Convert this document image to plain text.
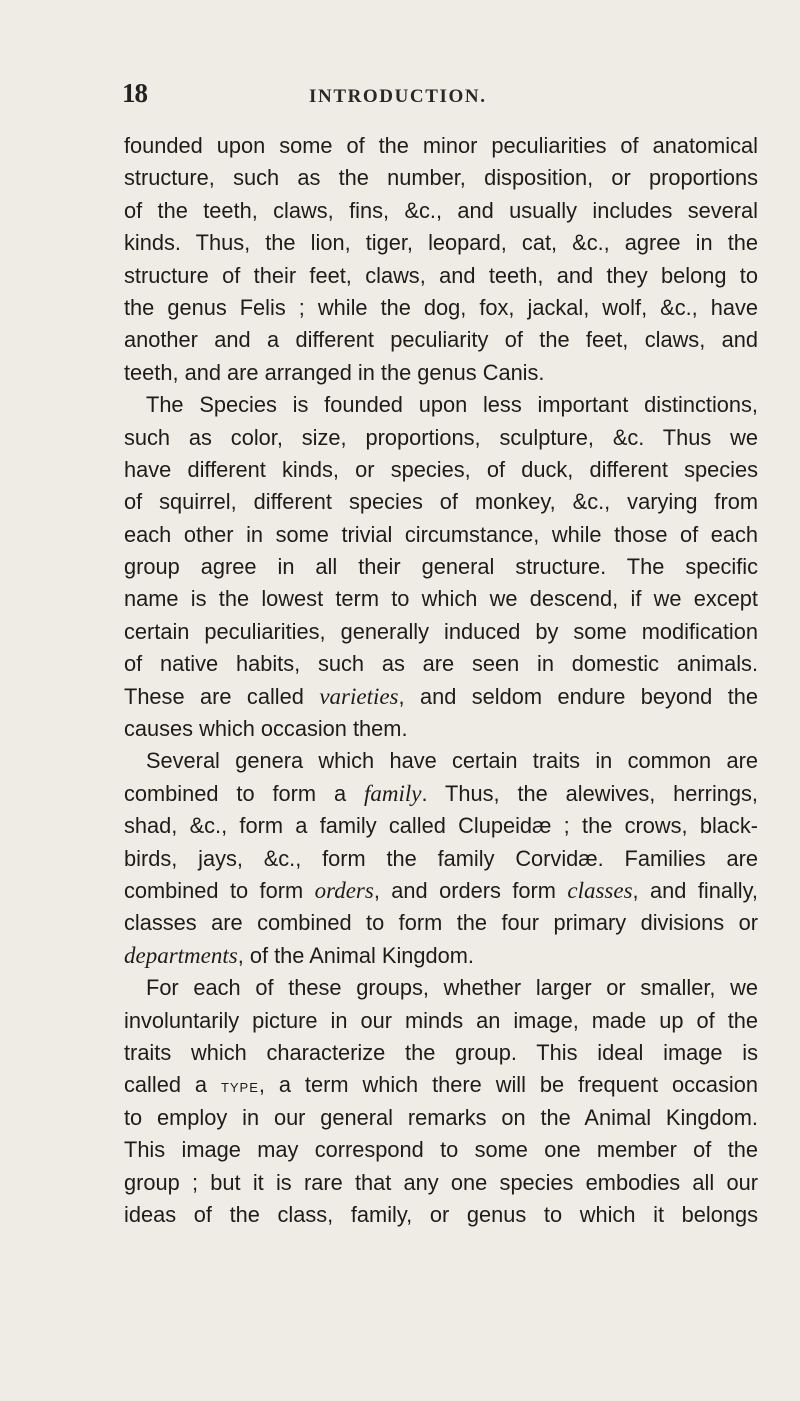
18	INTRODUCTION.
founded upon some of the minor peculiarities of anatomical
structure, such as the number, disposition, or proportions
of the teeth, claws, fins, &c., and usually includes several
kinds. Thus, the lion, tiger, leopard, cat, &c., agree in the
structure of their feet, claws, and teeth, and they belong to
the genus Felis ; while the dog, fox, jackal, wolf, &c., have
another and a different peculiarity of the feet, claws, and
teeth, and are arranged in the genus Canis.
The Species is founded upon less important distinctions,
such as color, size, proportions, sculpture, &c. Thus we
have different kinds, or species, of duck, different species
of squirrel, different species of monkey, &c., varying from
each other in some trivial circumstance, while those of each
group agree in all their general structure. The specific
name is the lowest term to which we descend, if we except
certain peculiarities, generally induced by some modification
of native habits, such as are seen in domestic animals.
These are called varieties, and seldom endure beyond the
causes which occasion them.
Several genera which have certain traits in common are
combined to form a family. Thus, the alewives, herrings,
shad, &c., form a family called Clupeidæ ; the crows, black-
birds, jays, &c., form the family Corvidæ. Families are
combined to form orders, and orders form classes, and finally,
classes are combined to form the four primary divisions or
departments, of the Animal Kingdom.
For each of these groups, whether larger or smaller, we
involuntarily picture in our minds an image, made up of the
traits which characterize the group. This ideal image is
called a type, a term which there will be frequent occasion
to employ in our general remarks on the Animal Kingdom.
This image may correspond to some one member of the
group ; but it is rare that any one species embodies all our
ideas of the class, family, or genus to which it belongs
